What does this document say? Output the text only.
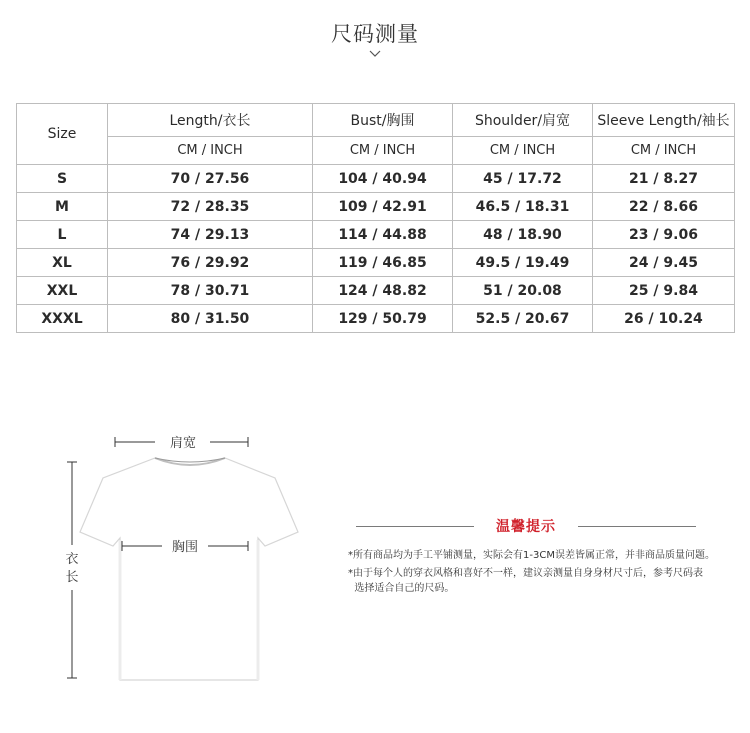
尺码测量
Size	Length/衣长	Bust/胸围	Shoulder/肩宽	Sleeve Length/袖长
	CM / INCH	CM / INCH	CM / INCH	CM / INCH
S	70 / 27.56	104 / 40.94	45 / 17.72	21 / 8.27
M	72 / 28.35	109 / 42.91	46.5 / 18.31	22 / 8.66
L	74 / 29.13	114 / 44.88	48 / 18.90	23 / 9.06
XL	76 / 29.92	119 / 46.85	49.5 / 19.49	24 / 9.45
XXL	78 / 30.71	124 / 48.82	51 / 20.08	25 / 9.84
XXXL	80 / 31.50	129 / 50.79	52.5 / 20.67	26 / 10.24
肩宽
胸围
衣
长
温馨提示
*所有商品均为手工平铺测量，实际会有1-3CM误差皆属正常，并非商品质量问题。
*由于每个人的穿衣风格和喜好不一样，建议亲测量自身身材尺寸后，参考尺码表
选择适合自己的尺码。
